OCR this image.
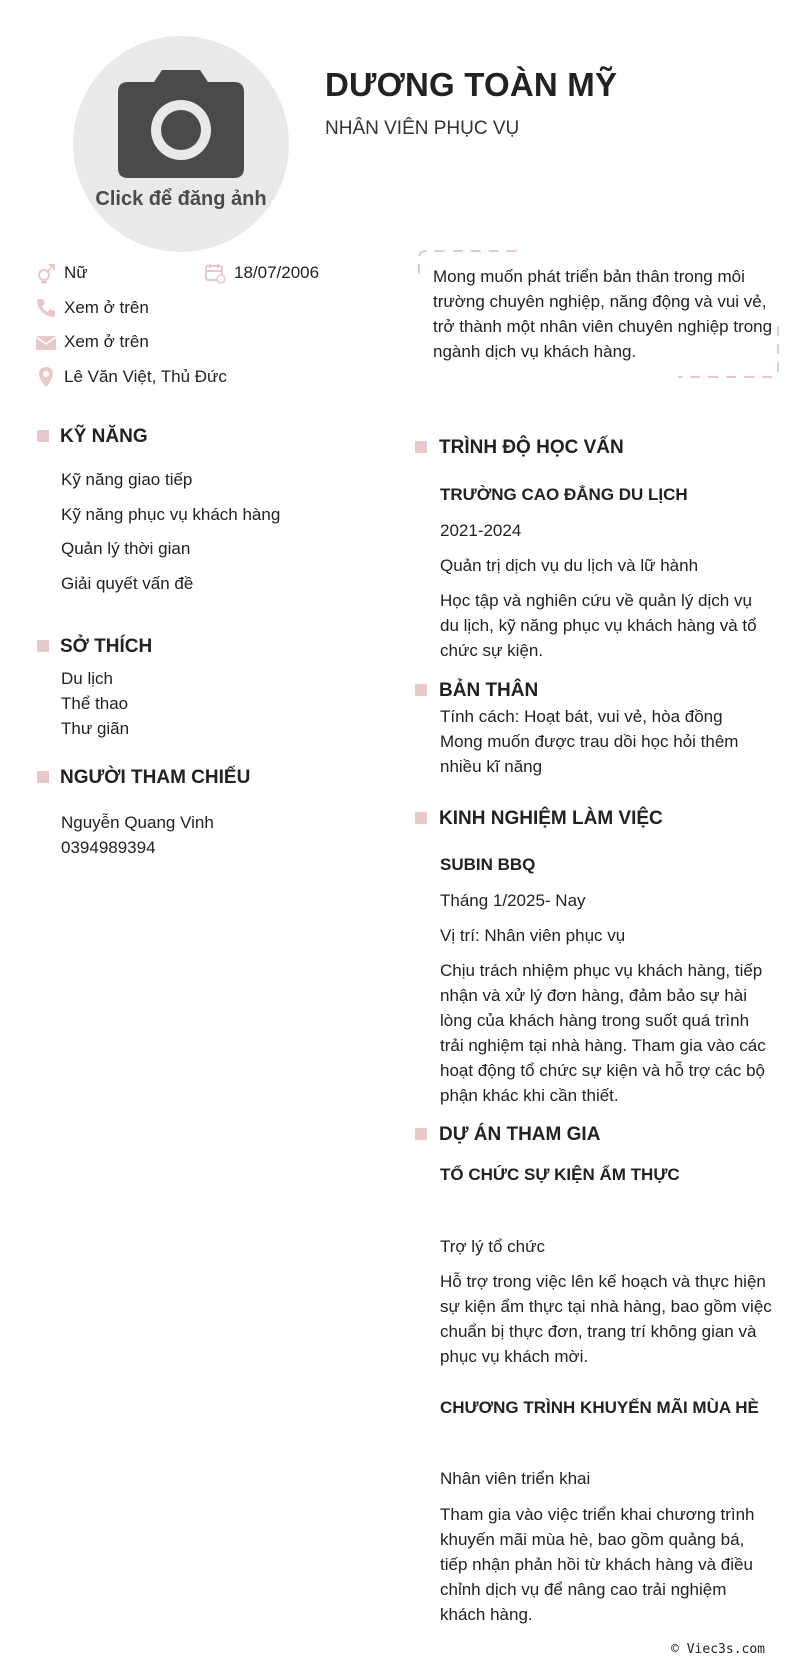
Click để đăng ảnh
DƯƠNG TOÀN MỸ
NHÂN VIÊN PHỤC VỤ
Nữ	18/07/2006
Xem ở trên
Xem ở trên
Lê Văn Việt, Thủ Đức
Mong muốn phát triển bản thân trong môi trường chuyên nghiệp, năng động và vui vẻ, trở thành một nhân viên chuyên nghiệp trong ngành dịch vụ khách hàng.
KỸ NĂNG
Kỹ năng giao tiếp
Kỹ năng phục vụ khách hàng
Quản lý thời gian
Giải quyết vấn đề
SỞ THÍCH
Du lịch
Thể thao
Thư giãn
NGƯỜI THAM CHIẾU
Nguyễn Quang Vinh
0394989394
TRÌNH ĐỘ HỌC VẤN
TRƯỜNG CAO ĐẲNG DU LỊCH
2021-2024
Quản trị dịch vụ du lịch và lữ hành
Học tập và nghiên cứu về quản lý dịch vụ du lịch, kỹ năng phục vụ khách hàng và tổ chức sự kiện.
BẢN THÂN
Tính cách: Hoạt bát, vui vẻ, hòa đồng
Mong muốn được trau dồi học hỏi thêm nhiều kĩ năng
KINH NGHIỆM LÀM VIỆC
SUBIN BBQ
Tháng 1/2025- Nay
Vị trí: Nhân viên phục vụ
Chịu trách nhiệm phục vụ khách hàng, tiếp nhận và xử lý đơn hàng, đảm bảo sự hài lòng của khách hàng trong suốt quá trình trải nghiệm tại nhà hàng. Tham gia vào các hoạt động tổ chức sự kiện và hỗ trợ các bộ phận khác khi cần thiết.
DỰ ÁN THAM GIA
TỔ CHỨC SỰ KIỆN ẨM THỰC
Trợ lý tổ chức
Hỗ trợ trong việc lên kế hoạch và thực hiện sự kiện ẩm thực tại nhà hàng, bao gồm việc chuẩn bị thực đơn, trang trí không gian và phục vụ khách mời.
CHƯƠNG TRÌNH KHUYẾN MÃI MÙA HÈ
Nhân viên triển khai
Tham gia vào việc triển khai chương trình khuyến mãi mùa hè, bao gồm quảng bá, tiếp nhận phản hồi từ khách hàng và điều chỉnh dịch vụ để nâng cao trải nghiệm khách hàng.
© Viec3s.com
